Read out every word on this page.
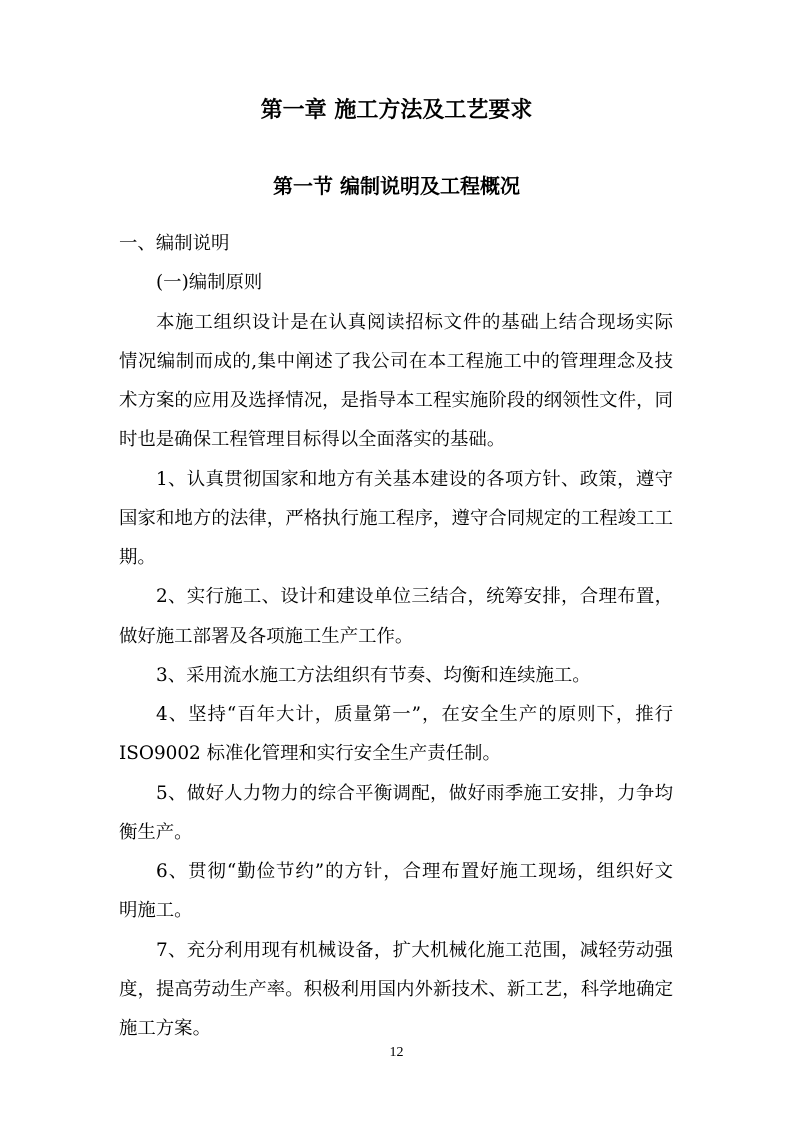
第一章 施工方法及工艺要求
第一节 编制说明及工程概况
一、编制说明
(一)编制原则
本施工组织设计是在认真阅读招标文件的基础上结合现场实际
情况编制而成的,集中阐述了我公司在本工程施工中的管理理念及技
术方案的应用及选择情况，是指导本工程实施阶段的纲领性文件，同
时也是确保工程管理目标得以全面落实的基础。
1、认真贯彻国家和地方有关基本建设的各项方针、政策，遵守
国家和地方的法律，严格执行施工程序，遵守合同规定的工程竣工工
期。
2、实行施工、设计和建设单位三结合，统筹安排，合理布置，
做好施工部署及各项施工生产工作。
3、采用流水施工方法组织有节奏、均衡和连续施工。
4、坚持“百年大计，质量第一”，在安全生产的原则下，推行
ISO9002 标准化管理和实行安全生产责任制。
5、做好人力物力的综合平衡调配，做好雨季施工安排，力争均
衡生产。
6、贯彻“勤俭节约”的方针，合理布置好施工现场，组织好文
明施工。
7、充分利用现有机械设备，扩大机械化施工范围，减轻劳动强
度，提高劳动生产率。积极利用国内外新技术、新工艺，科学地确定
施工方案。
12
